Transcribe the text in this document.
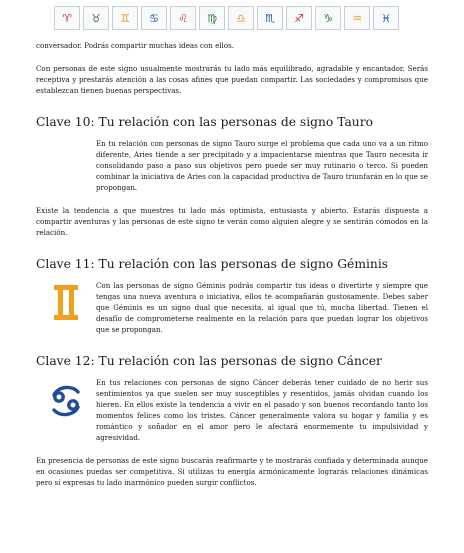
♈ ♉ ♊ ♋ ♌ ♍ ♎ ♏ ♐ ♑ ♒ ♓

conversador. Podrás compartir muchas ideas con ellos.

Con personas de este signo usualmente mostrarás tu lado más equilibrado, agradable y encantador. Serás receptiva y prestarás atención a las cosas afines que puedan compartir. Las sociedades y compromisos que establezcan tienen buenas perspectivas.

Clave 10: Tu relación con las personas de signo Tauro

En tu relación con personas de signo Tauro surge el problema que cada uno va a un ritmo diferente, Aries tiende a ser precipitado y a impacientarse mientras que Tauro necesita ir consolidando paso a paso sus objetivos pero puede ser muy rutinario o terco. Si pueden combinar la iniciativa de Aries con la capacidad productiva de Tauro triunfarán en lo que se propongan.

Existe la tendencia a que muestres tu lado más optimista, entusiasta y abierto. Estarás dispuesta a compartir aventuras y las personas de este signo te verán como alguien alegre y se sentirán cómodos en la relación.

Clave 11: Tu relación con las personas de signo Géminis

Con las personas de signo Géminis podrás compartir tus ideas o divertirte y siempre que tengas una nueva aventura o iniciativa, ellos te acompañarán gustosamente. Debes saber que Géminis es un signo dual que necesita, al igual que tú, mucha libertad. Tienen el desafío de comprometerse realmente en la relación para que puedan lograr los objetivos que se propongan.

Clave 12: Tu relación con las personas de signo Cáncer

En tus relaciones con personas de signo Cáncer deberás tener cuidado de no herir sus sentimientos ya que suelen ser muy susceptibles y resentidos, jamás olvidan cuando los hieren. En ellos existe la tendencia a vivir en el pasado y son buenos recordando tanto los momentos felices como los tristes. Cáncer generalmente valora su hogar y familia y es romántico y soñador en el amor pero le afectará enormemente tu impulsividad y agresividad.

En presencia de personas de este signo buscarás reafirmarte y te mostrarás confiada y determinada aunque en ocasiones puedas ser competitiva. Si utilizas tu energía armónicamente lograrás relaciones dinámicas pero si expresas tu lado inarmónico pueden surgir conflictos.
